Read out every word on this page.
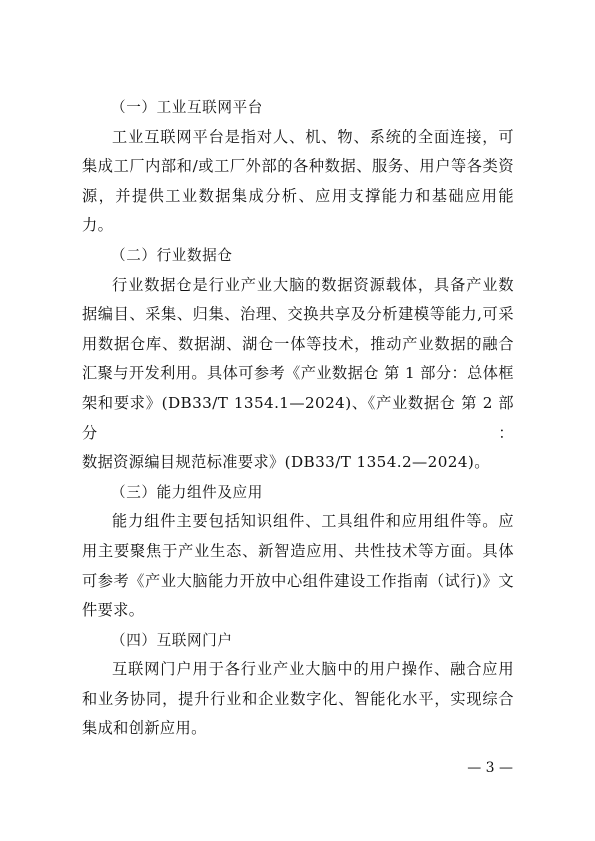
（一）工业互联网平台

工业互联网平台是指对人、机、物、系统的全面连接，可
集成工厂内部和/或工厂外部的各种数据、服务、用户等各类资
源，并提供工业数据集成分析、应用支撑能力和基础应用能力。

（二）行业数据仓

行业数据仓是行业产业大脑的数据资源载体，具备产业数
据编目、采集、归集、治理、交换共享及分析建模等能力,可采
用数据仓库、数据湖、湖仓一体等技术，推动产业数据的融合
汇聚与开发利用。具体可参考《产业数据仓 第 1 部分：总体框
架和要求》(DB33/T 1354.1—2024)、《产业数据仓 第 2 部分：
数据资源编目规范标准要求》(DB33/T 1354.2—2024)。

（三）能力组件及应用

能力组件主要包括知识组件、工具组件和应用组件等。应
用主要聚焦于产业生态、新智造应用、共性技术等方面。具体
可参考《产业大脑能力开放中心组件建设工作指南（试行)》文
件要求。

（四）互联网门户

互联网门户用于各行业产业大脑中的用户操作、融合应用
和业务协同，提升行业和企业数字化、智能化水平，实现综合
集成和创新应用。

— 3 —
